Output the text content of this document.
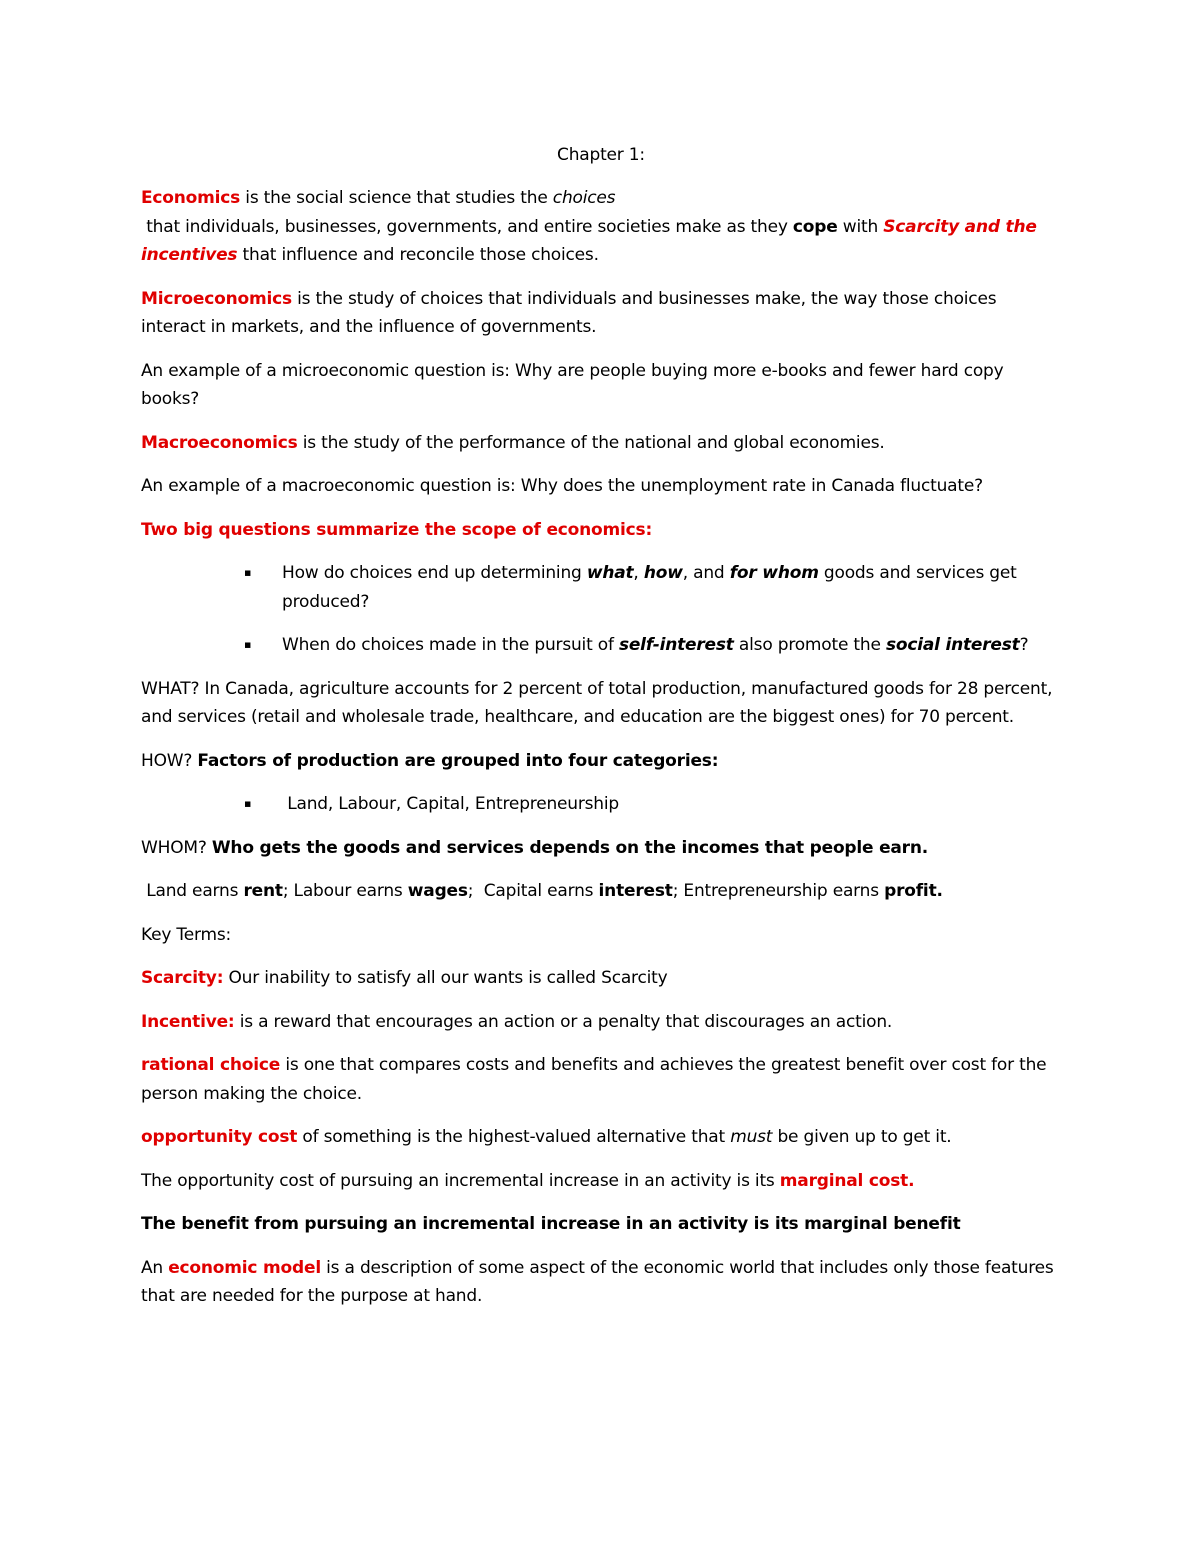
Chapter 1:

Economics is the social science that studies the choices that individuals, businesses, governments, and entire societies make as they cope with Scarcity and the incentives that influence and reconcile those choices.

Microeconomics is the study of choices that individuals and businesses make, the way those choices interact in markets, and the influence of governments.

An example of a microeconomic question is: Why are people buying more e-books and fewer hard copy books?

Macroeconomics is the study of the performance of the national and global economies.

An example of a macroeconomic question is: Why does the unemployment rate in Canada fluctuate?

Two big questions summarize the scope of economics:

▪ How do choices end up determining what, how, and for whom goods and services get produced?
▪ When do choices made in the pursuit of self-interest also promote the social interest?

WHAT? In Canada, agriculture accounts for 2 percent of total production, manufactured goods for 28 percent, and services (retail and wholesale trade, healthcare, and education are the biggest ones) for 70 percent.

HOW? Factors of production are grouped into four categories:

▪ Land, Labour, Capital, Entrepreneurship

WHOM? Who gets the goods and services depends on the incomes that people earn.

Land earns rent; Labour earns wages;  Capital earns interest; Entrepreneurship earns profit.

Key Terms:

Scarcity: Our inability to satisfy all our wants is called Scarcity

Incentive: is a reward that encourages an action or a penalty that discourages an action.

rational choice is one that compares costs and benefits and achieves the greatest benefit over cost for the person making the choice.

opportunity cost of something is the highest-valued alternative that must be given up to get it.

The opportunity cost of pursuing an incremental increase in an activity is its marginal cost.

The benefit from pursuing an incremental increase in an activity is its marginal benefit

An economic model is a description of some aspect of the economic world that includes only those features that are needed for the purpose at hand.
